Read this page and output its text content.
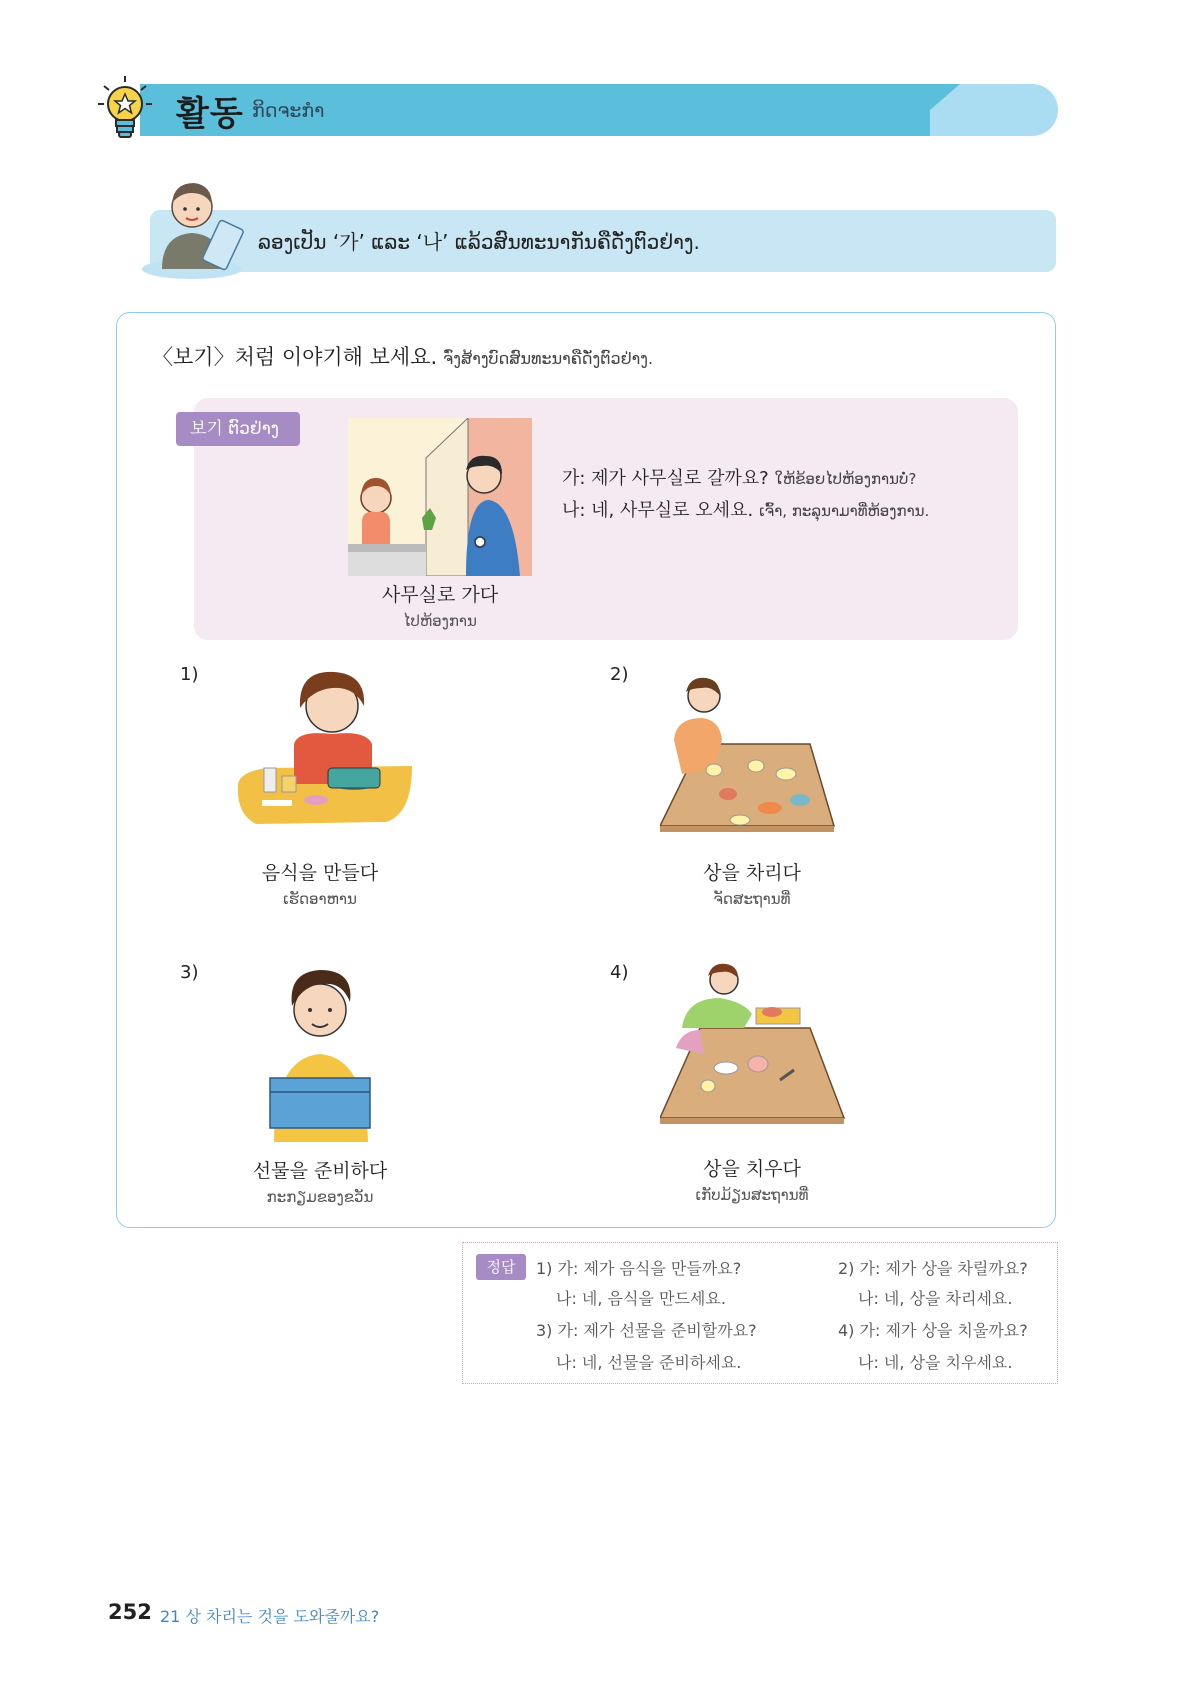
활동 ກິດຈະກຳ
ລອງເປັນ ‘가’ ແລະ ‘나’ ແລ້ວສົນທະນາກັນຄືດັ່ງຕົວຢ່າງ.
〈보기〉처럼 이야기해 보세요. ຈົ່ງສ້າງບົດສົນທະນາຄືດັ່ງຕົວຢ່າງ.
보기 ຕົວຢ່າງ
사무실로 가다
ໄປຫ້ອງການ
가: 제가 사무실로 갈까요? ໃຫ້ຂ້ອຍໄປຫ້ອງການບໍ່?
나: 네, 사무실로 오세요. ເຈົ້າ, ກະລຸນາມາທີ່ຫ້ອງການ.
1)
음식을 만들다
ເຮັດອາຫານ
2)
상을 차리다
ຈັດສະຖານທີ່
3)
선물을 준비하다
ກະກຽມຂອງຂວັນ
4)
상을 치우다
ເກັບມ້ຽນສະຖານທີ່
정답	1) 가: 제가 음식을 만들까요?
나: 네, 음식을 만드세요.
2) 가: 제가 상을 차릴까요?
나: 네, 상을 차리세요.
3) 가: 제가 선물을 준비할까요?
나: 네, 선물을 준비하세요.
4) 가: 제가 상을 치울까요?
나: 네, 상을 치우세요.
252 21 상 차리는 것을 도와줄까요?
